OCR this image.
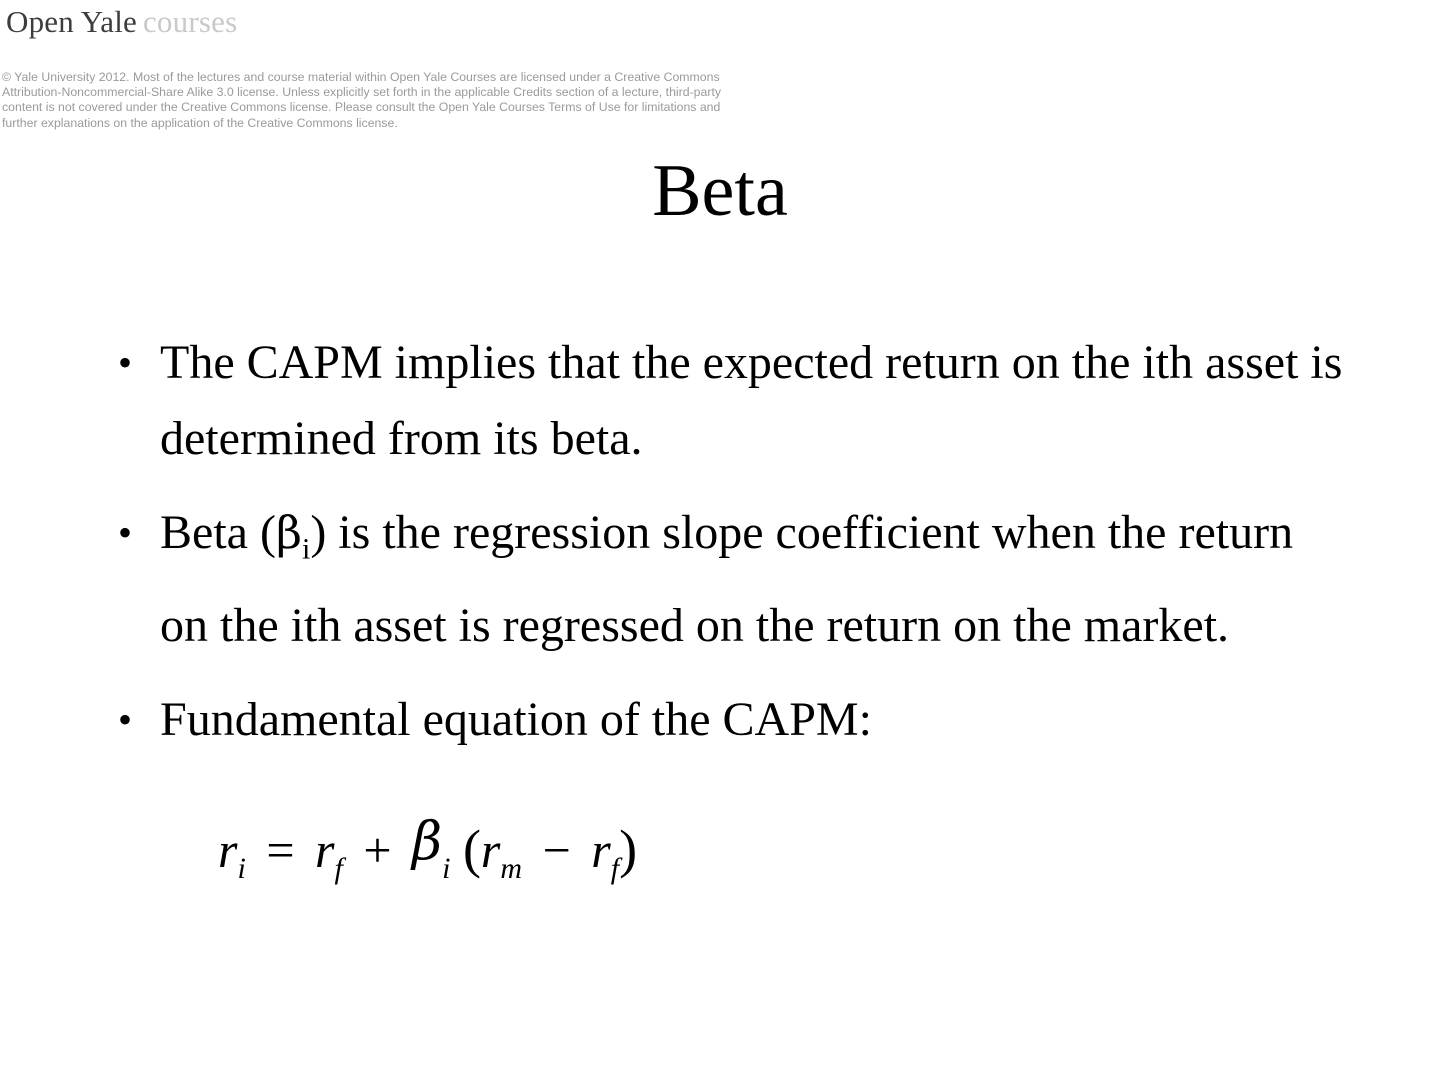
Open Yale courses
© Yale University 2012. Most of the lectures and course material within Open Yale Courses are licensed under a Creative Commons Attribution-Noncommercial-Share Alike 3.0 license. Unless explicitly set forth in the applicable Credits section of a lecture, third-party content is not covered under the Creative Commons license. Please consult the Open Yale Courses Terms of Use for limitations and further explanations on the application of the Creative Commons license.
Beta
• The CAPM implies that the expected return on the ith asset is determined from its beta.
• Beta $(\beta_i)$ is the regression slope coefficient when the return on the ith asset is regressed on the return on the market.
• Fundamental equation of the CAPM:
$r_i = r_f + \beta_i$ $(r_m - r_f)$
